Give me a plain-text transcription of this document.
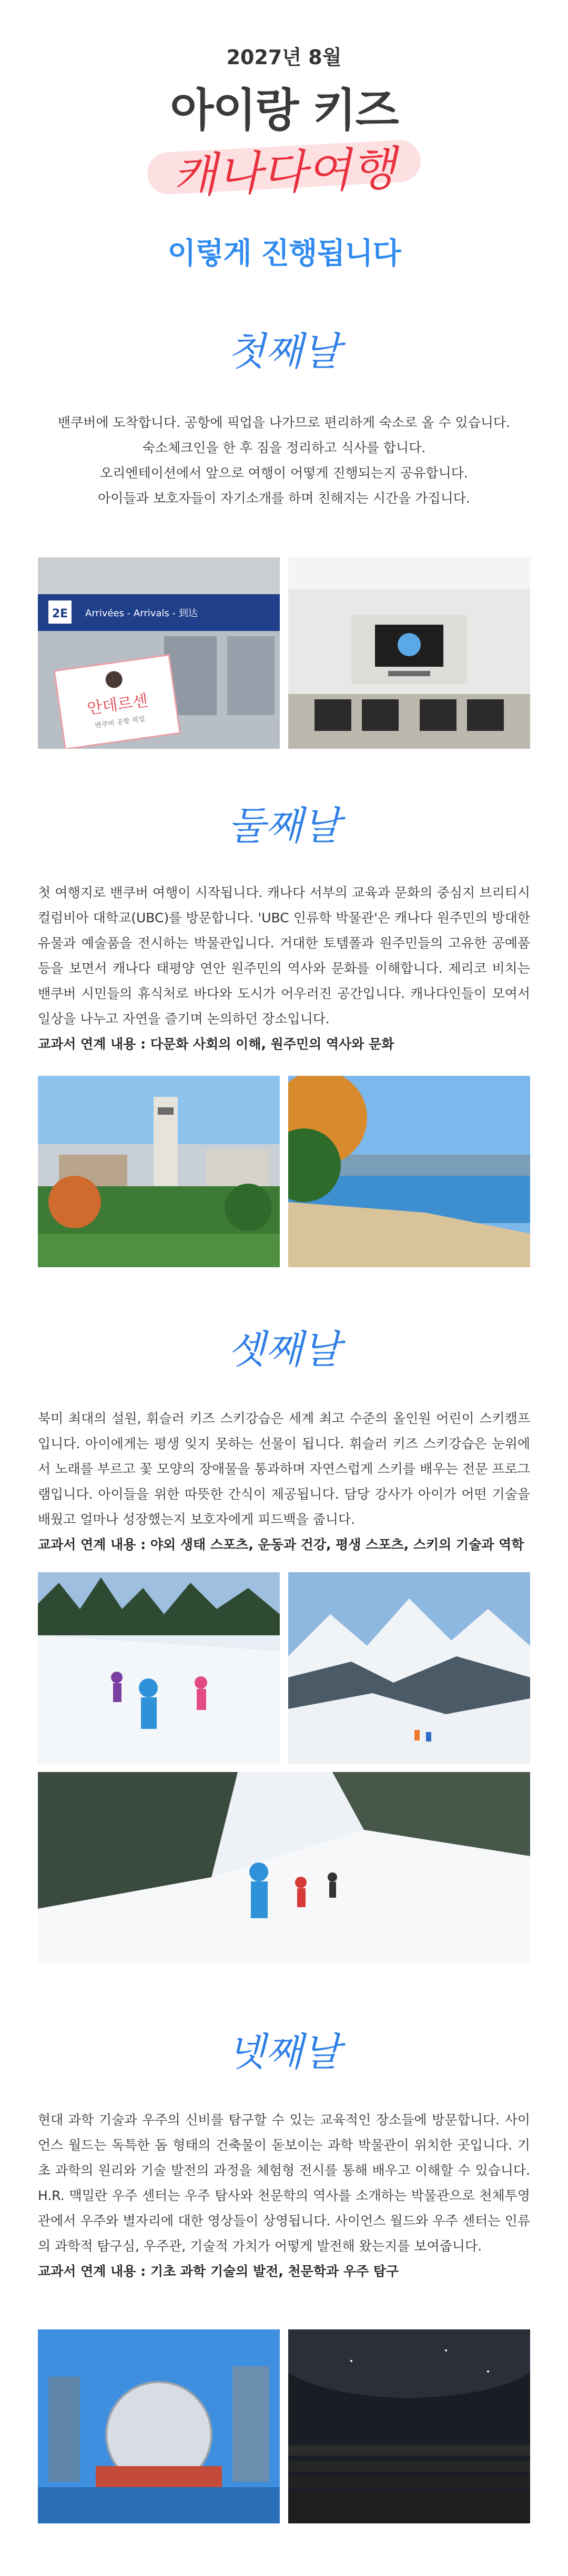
2027년 8월
아이랑 키즈
캐나다여행
이렇게 진행됩니다
첫째날
밴쿠버에 도착합니다. 공항에 픽업을 나가므로 편리하게 숙소로 올 수 있습니다.
숙소체크인을 한 후 짐을 정리하고 식사를 합니다.
오리엔테이션에서 앞으로 여행이 어떻게 진행되는지 공유합니다.
아이들과 보호자들이 자기소개를 하며 친해지는 시간을 가집니다.
2E Arrivées - Arrivals - 到达
안데르센
밴쿠버 공항 픽업
둘째날
첫 여행지로 밴쿠버 여행이 시작됩니다. 캐나다 서부의 교육과 문화의 중심지 브리티시 컬럼비아 대학교(UBC)를 방문합니다. 'UBC 인류학 박물관'은 캐나다 원주민의 방대한 유물과 예술품을 전시하는 박물관입니다. 거대한 토템폴과 원주민들의 고유한 공예품 등을 보면서 캐나다 태평양 연안 원주민의 역사와 문화를 이해합니다. 제리코 비치는 밴쿠버 시민들의 휴식처로 바다와 도시가 어우러진 공간입니다. 캐나다인들이 모여서 일상을 나누고 자연을 즐기며 논의하던 장소입니다.
교과서 연계 내용 : 다문화 사회의 이해, 원주민의 역사와 문화
셋째날
북미 최대의 설원, 휘슬러 키즈 스키강습은 세계 최고 수준의 올인원 어린이 스키캠프입니다. 아이에게는 평생 잊지 못하는 선물이 됩니다. 휘슬러 키즈 스키강습은 눈위에서 노래를 부르고 꽃 모양의 장애물을 통과하며 자연스럽게 스키를 배우는 전문 프로그램입니다. 아이들을 위한 따뜻한 간식이 제공됩니다. 담당 강사가 아이가 어떤 기술을 배웠고 얼마나 성장했는지 보호자에게 피드백을 줍니다.
교과서 연계 내용 : 야외 생태 스포츠, 운동과 건강, 평생 스포츠, 스키의 기술과 역학
넷째날
현대 과학 기술과 우주의 신비를 탐구할 수 있는 교육적인 장소들에 방문합니다. 사이언스 월드는 독특한 돔 형태의 건축물이 돋보이는 과학 박물관이 위치한 곳입니다. 기초 과학의 원리와 기술 발전의 과정을 체험형 전시를 통해 배우고 이해할 수 있습니다. H.R. 맥밀란 우주 센터는 우주 탐사와 천문학의 역사를 소개하는 박물관으로 천체투영관에서 우주와 별자리에 대한 영상들이 상영됩니다. 사이언스 월드와 우주 센터는 인류의 과학적 탐구심, 우주관, 기술적 가치가 어떻게 발전해 왔는지를 보여줍니다.
교과서 연계 내용 : 기초 과학 기술의 발전, 천문학과 우주 탐구
